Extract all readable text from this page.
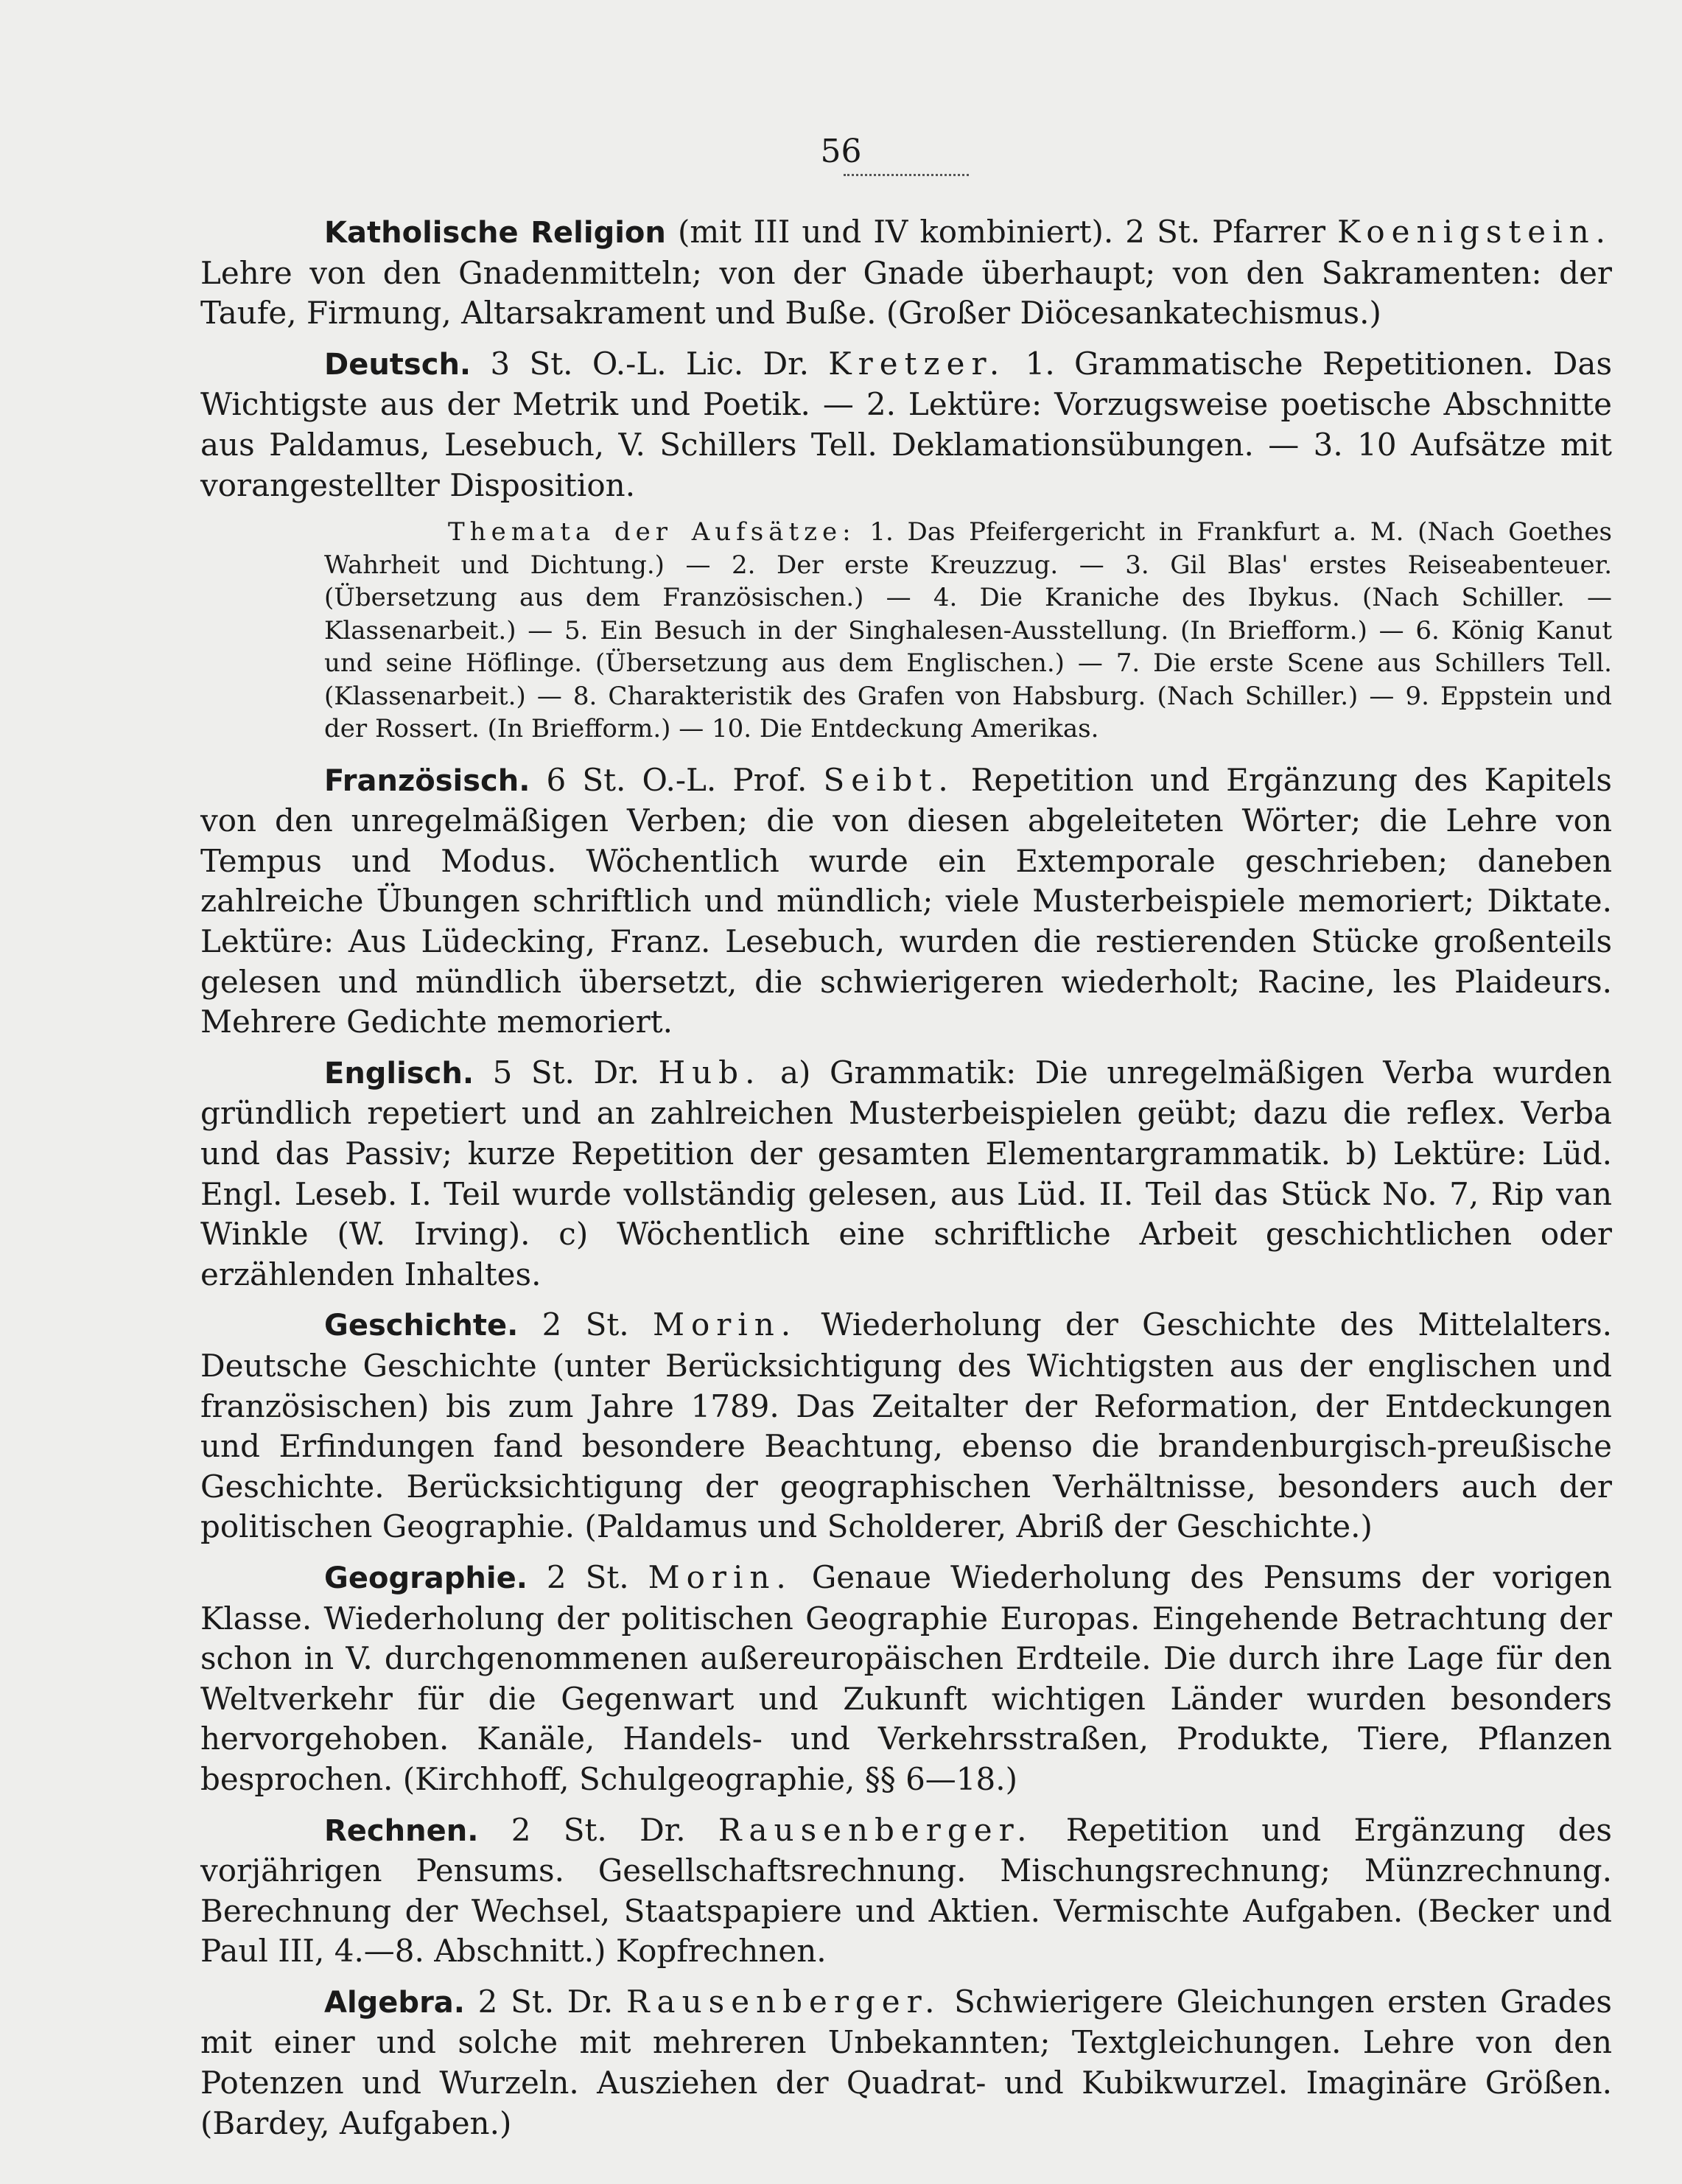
56

Katholische Religion (mit III und IV kombiniert). 2 St. Pfarrer Koenigstein. Lehre von den Gnadenmitteln; von der Gnade überhaupt; von den Sakramenten: der Taufe, Firmung, Altarsakrament und Buße. (Großer Diöcesankatechismus.)

Deutsch. 3 St. O.-L. Lic. Dr. Kretzer. 1. Grammatische Repetitionen. Das Wichtigste aus der Metrik und Poetik. — 2. Lektüre: Vorzugsweise poetische Abschnitte aus Paldamus, Lesebuch, V. Schillers Tell. Deklamationsübungen. — 3. 10 Aufsätze mit vorangestellter Disposition.

Themata der Aufsätze: 1. Das Pfeifergericht in Frankfurt a. M. (Nach Goethes Wahrheit und Dichtung.) — 2. Der erste Kreuzzug. — 3. Gil Blas' erstes Reiseabenteuer. (Übersetzung aus dem Französischen.) — 4. Die Kraniche des Ibykus. (Nach Schiller. — Klassenarbeit.) — 5. Ein Besuch in der Singhalesen-Ausstellung. (In Briefform.) — 6. König Kanut und seine Höflinge. (Übersetzung aus dem Englischen.) — 7. Die erste Scene aus Schillers Tell. (Klassenarbeit.) — 8. Charakteristik des Grafen von Habsburg. (Nach Schiller.) — 9. Eppstein und der Rossert. (In Briefform.) — 10. Die Entdeckung Amerikas.

Französisch. 6 St. O.-L. Prof. Seibt. Repetition und Ergänzung des Kapitels von den unregelmäßigen Verben; die von diesen abgeleiteten Wörter; die Lehre von Tempus und Modus. Wöchentlich wurde ein Extemporale geschrieben; daneben zahlreiche Übungen schriftlich und mündlich; viele Musterbeispiele memoriert; Diktate. Lektüre: Aus Lüdecking, Franz. Lesebuch, wurden die restierenden Stücke großenteils gelesen und mündlich übersetzt, die schwierigeren wiederholt; Racine, les Plaideurs. Mehrere Gedichte memoriert.

Englisch. 5 St. Dr. Hub. a) Grammatik: Die unregelmäßigen Verba wurden gründlich repetiert und an zahlreichen Musterbeispielen geübt; dazu die reflex. Verba und das Passiv; kurze Repetition der gesamten Elementargrammatik. b) Lektüre: Lüd. Engl. Leseb. I. Teil wurde vollständig gelesen, aus Lüd. II. Teil das Stück No. 7, Rip van Winkle (W. Irving). c) Wöchentlich eine schriftliche Arbeit geschichtlichen oder erzählenden Inhaltes.

Geschichte. 2 St. Morin. Wiederholung der Geschichte des Mittelalters. Deutsche Geschichte (unter Berücksichtigung des Wichtigsten aus der englischen und französischen) bis zum Jahre 1789. Das Zeitalter der Reformation, der Entdeckungen und Erfindungen fand besondere Beachtung, ebenso die brandenburgisch-preußische Geschichte. Berücksichtigung der geographischen Verhältnisse, besonders auch der politischen Geographie. (Paldamus und Scholderer, Abriß der Geschichte.)

Geographie. 2 St. Morin. Genaue Wiederholung des Pensums der vorigen Klasse. Wiederholung der politischen Geographie Europas. Eingehende Betrachtung der schon in V. durchgenommenen außereuropäischen Erdteile. Die durch ihre Lage für den Weltverkehr für die Gegenwart und Zukunft wichtigen Länder wurden besonders hervorgehoben. Kanäle, Handels- und Verkehrsstraßen, Produkte, Tiere, Pflanzen besprochen. (Kirchhoff, Schulgeographie, §§ 6—18.)

Rechnen. 2 St. Dr. Rausenberger. Repetition und Ergänzung des vorjährigen Pensums. Gesellschaftsrechnung. Mischungsrechnung; Münzrechnung. Berechnung der Wechsel, Staatspapiere und Aktien. Vermischte Aufgaben. (Becker und Paul III, 4.—8. Abschnitt.) Kopfrechnen.

Algebra. 2 St. Dr. Rausenberger. Schwierigere Gleichungen ersten Grades mit einer und solche mit mehreren Unbekannten; Textgleichungen. Lehre von den Potenzen und Wurzeln. Ausziehen der Quadrat- und Kubikwurzel. Imaginäre Größen. (Bardey, Aufgaben.)
